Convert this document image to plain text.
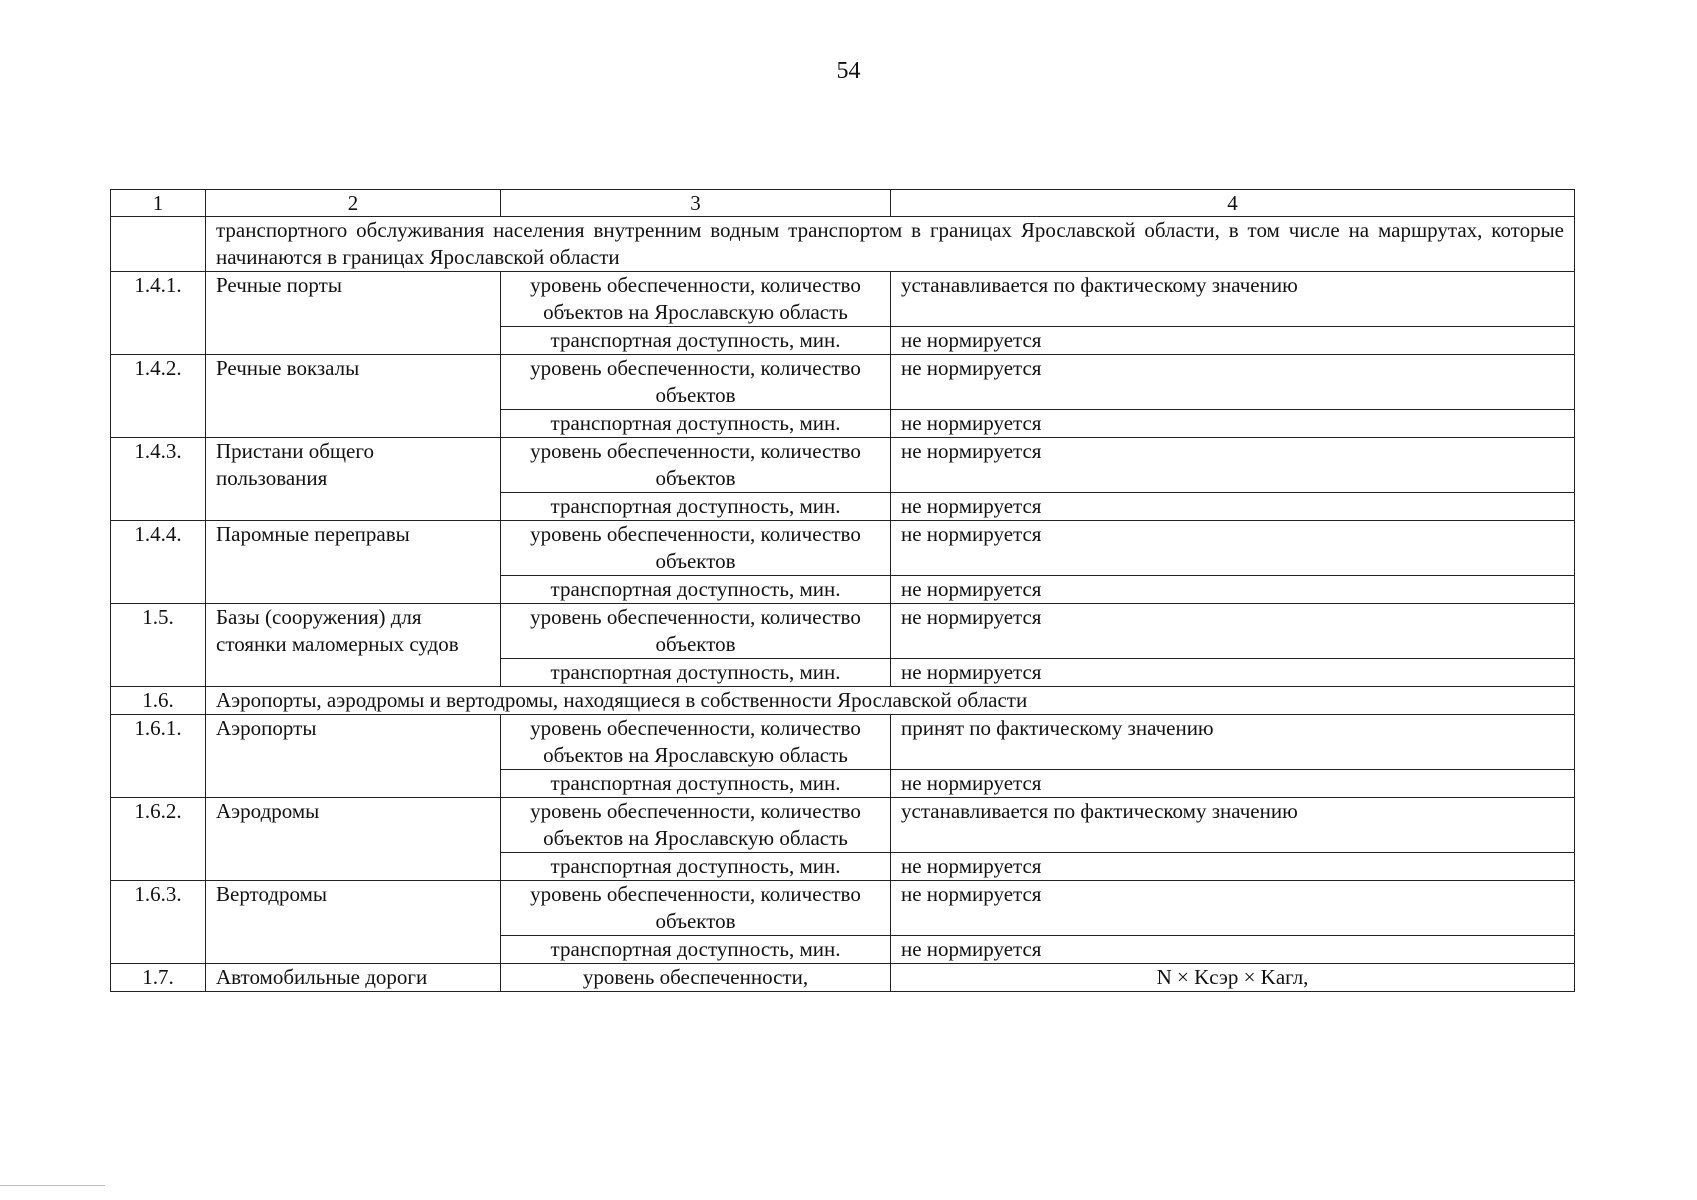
54
1	2	3	4
	транспортного обслуживания населения внутренним водным транспортом в границах Ярославской области, в том числе на маршрутах, которые начинаются в границах Ярославской области		
1.4.1.	Речные порты	уровень обеспеченности, количество объектов на Ярославскую область	устанавливается по фактическому значению
		транспортная доступность, мин.	не нормируется
1.4.2.	Речные вокзалы	уровень обеспеченности, количество объектов	не нормируется
		транспортная доступность, мин.	не нормируется
1.4.3.	Пристани общего пользования	уровень обеспеченности, количество объектов	не нормируется
		транспортная доступность, мин.	не нормируется
1.4.4.	Паромные переправы	уровень обеспеченности, количество объектов	не нормируется
		транспортная доступность, мин.	не нормируется
1.5.	Базы (сооружения) для стоянки маломерных судов	уровень обеспеченности, количество объектов	не нормируется
		транспортная доступность, мин.	не нормируется
1.6.	Аэропорты, аэродромы и вертодромы, находящиеся в собственности Ярославской области		
1.6.1.	Аэропорты	уровень обеспеченности, количество объектов на Ярославскую область	принят по фактическому значению
		транспортная доступность, мин.	не нормируется
1.6.2.	Аэродромы	уровень обеспеченности, количество объектов на Ярославскую область	устанавливается по фактическому значению
		транспортная доступность, мин.	не нормируется
1.6.3.	Вертодромы	уровень обеспеченности, количество объектов	не нормируется
		транспортная доступность, мин.	не нормируется
1.7.	Автомобильные дороги	уровень обеспеченности,	N × Kсэр × Kагл,
